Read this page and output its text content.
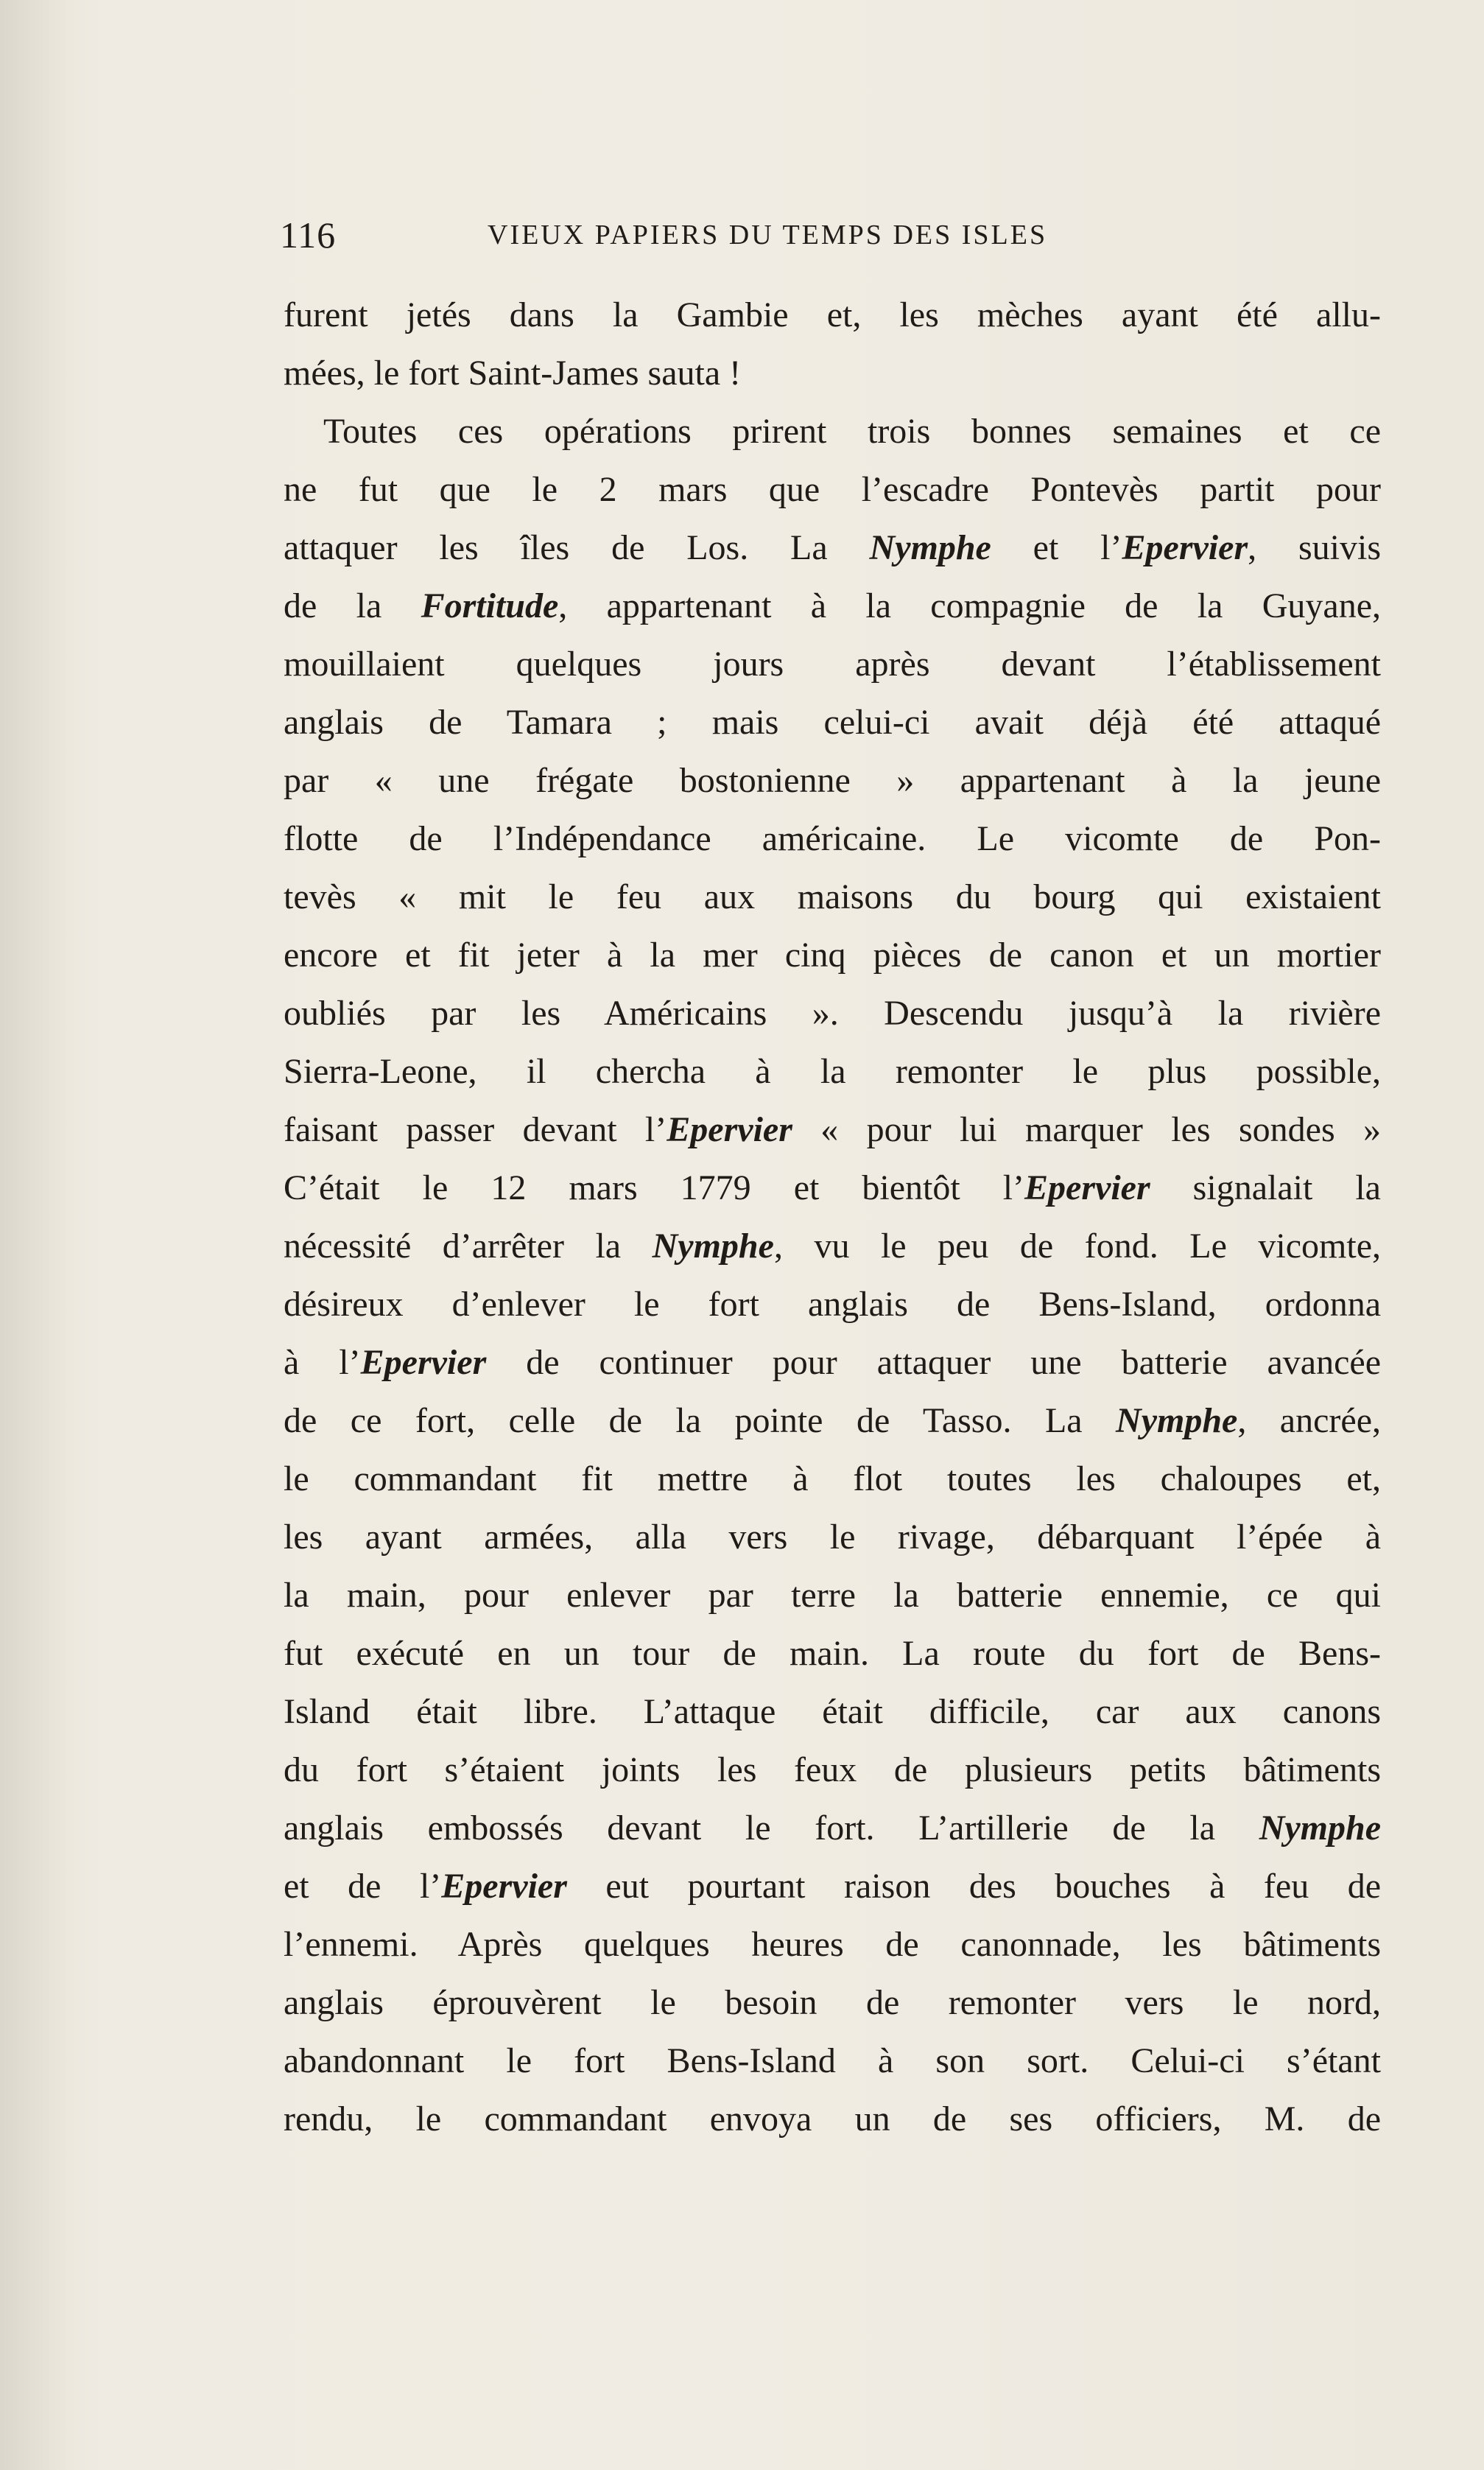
116	VIEUX PAPIERS DU TEMPS DES ISLES
furent jetés dans la Gambie et, les mèches ayant été allu-
mées, le fort Saint-James sauta !
Toutes ces opérations prirent trois bonnes semaines et ce
ne fut que le 2 mars que l’escadre Pontevès partit pour
attaquer les îles de Los. La Nymphe et l’Epervier, suivis
de la Fortitude, appartenant à la compagnie de la Guyane,
mouillaient quelques jours après devant l’établissement
anglais de Tamara ; mais celui-ci avait déjà été attaqué
par « une frégate bostonienne » appartenant à la jeune
flotte de l’Indépendance américaine. Le vicomte de Pon-
tevès « mit le feu aux maisons du bourg qui existaient
encore et fit jeter à la mer cinq pièces de canon et un mortier
oubliés par les Américains ». Descendu jusqu’à la rivière
Sierra-Leone, il chercha à la remonter le plus possible,
faisant passer devant l’Epervier « pour lui marquer les sondes »
C’était le 12 mars 1779 et bientôt l’Epervier signalait la
nécessité d’arrêter la Nymphe, vu le peu de fond. Le vicomte,
désireux d’enlever le fort anglais de Bens-Island, ordonna
à l’Epervier de continuer pour attaquer une batterie avancée
de ce fort, celle de la pointe de Tasso. La Nymphe, ancrée,
le commandant fit mettre à flot toutes les chaloupes et,
les ayant armées, alla vers le rivage, débarquant l’épée à
la main, pour enlever par terre la batterie ennemie, ce qui
fut exécuté en un tour de main. La route du fort de Bens-
Island était libre. L’attaque était difficile, car aux canons
du fort s’étaient joints les feux de plusieurs petits bâtiments
anglais embossés devant le fort. L’artillerie de la Nymphe
et de l’Epervier eut pourtant raison des bouches à feu de
l’ennemi. Après quelques heures de canonnade, les bâtiments
anglais éprouvèrent le besoin de remonter vers le nord,
abandonnant le fort Bens-Island à son sort. Celui-ci s’étant
rendu, le commandant envoya un de ses officiers, M. de
